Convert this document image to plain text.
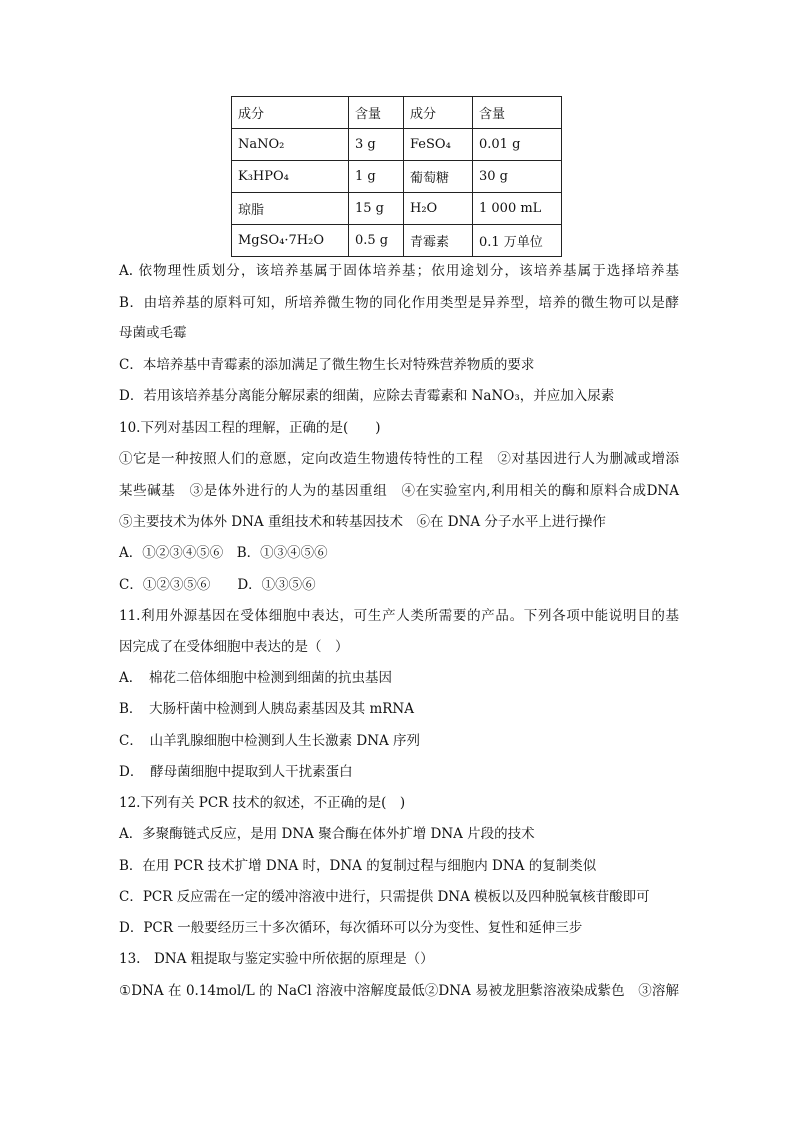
成分	含量	成分	含量
NaNO₂	3 g	FeSO₄	0.01 g
K₃HPO₄	1 g	葡萄糖	30 g
琼脂	15 g	H₂O	1 000 mL
MgSO₄·7H₂O	0.5 g	青霉素	0.1 万单位
A. 依物理性质划分，该培养基属于固体培养基；依用途划分，该培养基属于选择培养基
B．由培养基的原料可知，所培养微生物的同化作用类型是异养型，培养的微生物可以是酵
母菌或毛霉
C．本培养基中青霉素的添加满足了微生物生长对特殊营养物质的要求
D．若用该培养基分离能分解尿素的细菌，应除去青霉素和 NaNO₃，并应加入尿素
10.下列对基因工程的理解，正确的是(　　)
①它是一种按照人们的意愿，定向改造生物遗传特性的工程　②对基因进行人为删减或增添
某些碱基　③是体外进行的人为的基因重组　④在实验室内,利用相关的酶和原料合成DNA
⑤主要技术为体外 DNA 重组技术和转基因技术　⑥在 DNA 分子水平上进行操作
A．①②③④⑤⑥　B．①③④⑤⑥
C．①②③⑤⑥　　D．①③⑤⑥
11.利用外源基因在受体细胞中表达，可生产人类所需要的产品。下列各项中能说明目的基
因完成了在受体细胞中表达的是（　）
A．　棉花二倍体细胞中检测到细菌的抗虫基因
B．　大肠杆菌中检测到人胰岛素基因及其 mRNA
C．　山羊乳腺细胞中检测到人生长激素 DNA 序列
D．　酵母菌细胞中提取到人干扰素蛋白
12.下列有关 PCR 技术的叙述，不正确的是(　)
A．多聚酶链式反应，是用 DNA 聚合酶在体外扩增 DNA 片段的技术
B．在用 PCR 技术扩增 DNA 时，DNA 的复制过程与细胞内 DNA 的复制类似
C．PCR 反应需在一定的缓冲溶液中进行，只需提供 DNA 模板以及四种脱氧核苷酸即可
D．PCR 一般要经历三十多次循环，每次循环可以分为变性、复性和延伸三步
13.　DNA 粗提取与鉴定实验中所依据的原理是（）
①DNA 在 0.14mol/L 的 NaCl 溶液中溶解度最低②DNA 易被龙胆紫溶液染成紫色　③溶解
